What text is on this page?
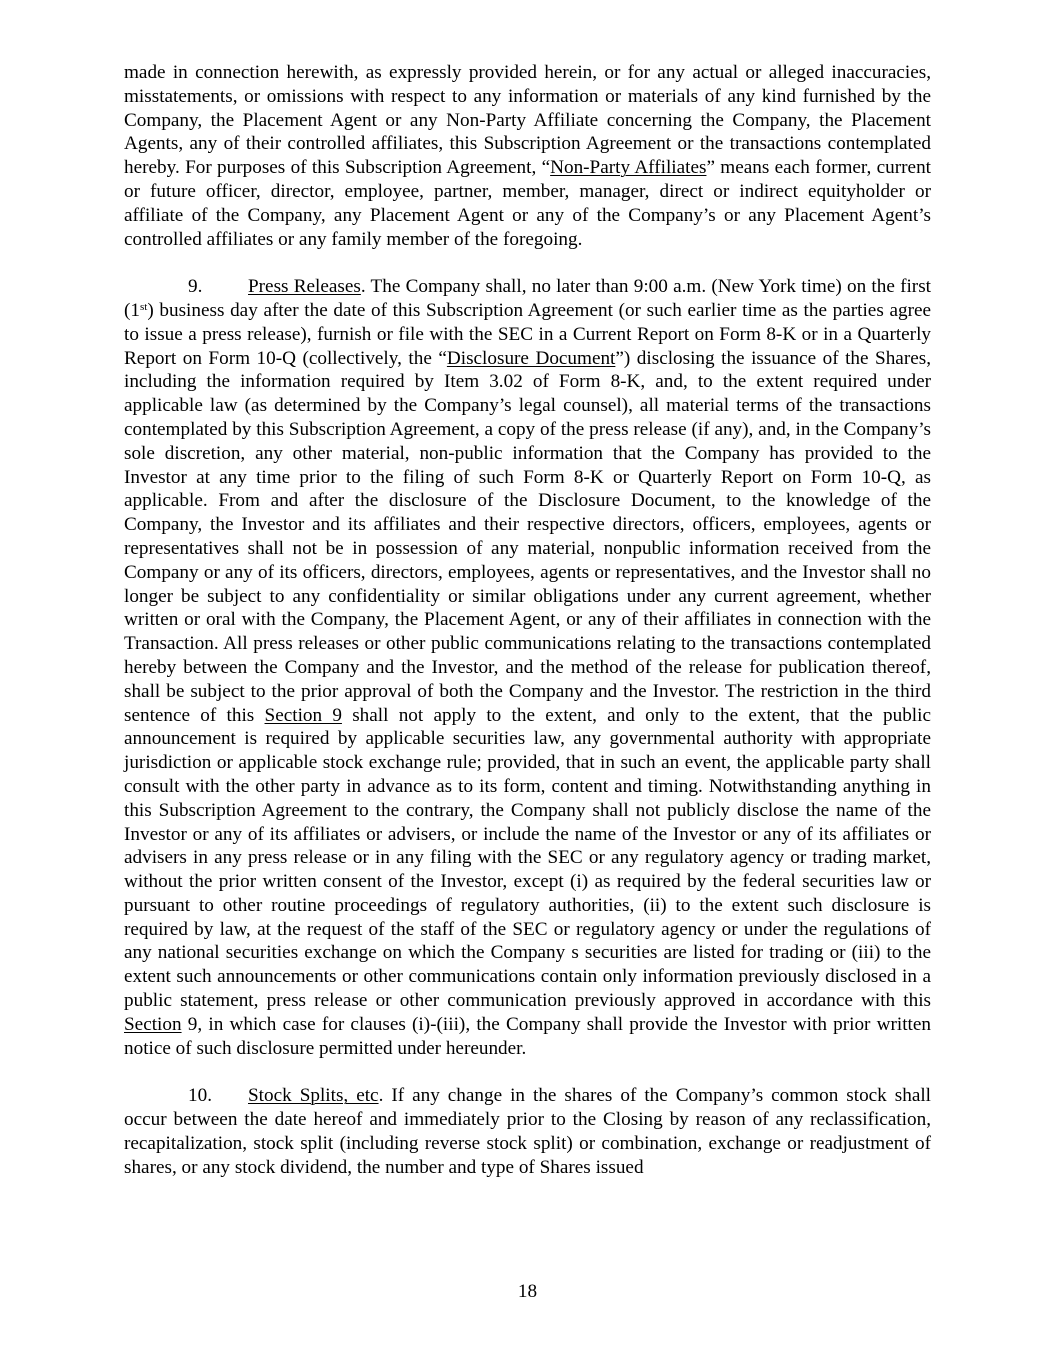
made in connection herewith, as expressly provided herein, or for any actual or alleged inaccuracies, misstatements, or omissions with respect to any information or materials of any kind furnished by the Company, the Placement Agent or any Non-Party Affiliate concerning the Company, the Placement Agents, any of their controlled affiliates, this Subscription Agreement or the transactions contemplated hereby. For purposes of this Subscription Agreement, “Non-Party Affiliates” means each former, current or future officer, director, employee, partner, member, manager, direct or indirect equityholder or affiliate of the Company, any Placement Agent or any of the Company’s or any Placement Agent’s controlled affiliates or any family member of the foregoing.

9. Press Releases. The Company shall, no later than 9:00 a.m. (New York time) on the first (1st) business day after the date of this Subscription Agreement (or such earlier time as the parties agree to issue a press release), furnish or file with the SEC in a Current Report on Form 8-K or in a Quarterly Report on Form 10-Q (collectively, the “Disclosure Document”) disclosing the issuance of the Shares, including the information required by Item 3.02 of Form 8-K, and, to the extent required under applicable law (as determined by the Company’s legal counsel), all material terms of the transactions contemplated by this Subscription Agreement, a copy of the press release (if any), and, in the Company’s sole discretion, any other material, non-public information that the Company has provided to the Investor at any time prior to the filing of such Form 8-K or Quarterly Report on Form 10-Q, as applicable. From and after the disclosure of the Disclosure Document, to the knowledge of the Company, the Investor and its affiliates and their respective directors, officers, employees, agents or representatives shall not be in possession of any material, nonpublic information received from the Company or any of its officers, directors, employees, agents or representatives, and the Investor shall no longer be subject to any confidentiality or similar obligations under any current agreement, whether written or oral with the Company, the Placement Agent, or any of their affiliates in connection with the Transaction. All press releases or other public communications relating to the transactions contemplated hereby between the Company and the Investor, and the method of the release for publication thereof, shall be subject to the prior approval of both the Company and the Investor. The restriction in the third sentence of this Section 9 shall not apply to the extent, and only to the extent, that the public announcement is required by applicable securities law, any governmental authority with appropriate jurisdiction or applicable stock exchange rule; provided, that in such an event, the applicable party shall consult with the other party in advance as to its form, content and timing. Notwithstanding anything in this Subscription Agreement to the contrary, the Company shall not publicly disclose the name of the Investor or any of its affiliates or advisers, or include the name of the Investor or any of its affiliates or advisers in any press release or in any filing with the SEC or any regulatory agency or trading market, without the prior written consent of the Investor, except (i) as required by the federal securities law or pursuant to other routine proceedings of regulatory authorities, (ii) to the extent such disclosure is required by law, at the request of the staff of the SEC or regulatory agency or under the regulations of any national securities exchange on which the Company s securities are listed for trading or (iii) to the extent such announcements or other communications contain only information previously disclosed in a public statement, press release or other communication previously approved in accordance with this Section 9, in which case for clauses (i)-(iii), the Company shall provide the Investor with prior written notice of such disclosure permitted under hereunder.

10. Stock Splits, etc. If any change in the shares of the Company’s common stock shall occur between the date hereof and immediately prior to the Closing by reason of any reclassification, recapitalization, stock split (including reverse stock split) or combination, exchange or readjustment of shares, or any stock dividend, the number and type of Shares issued

18
